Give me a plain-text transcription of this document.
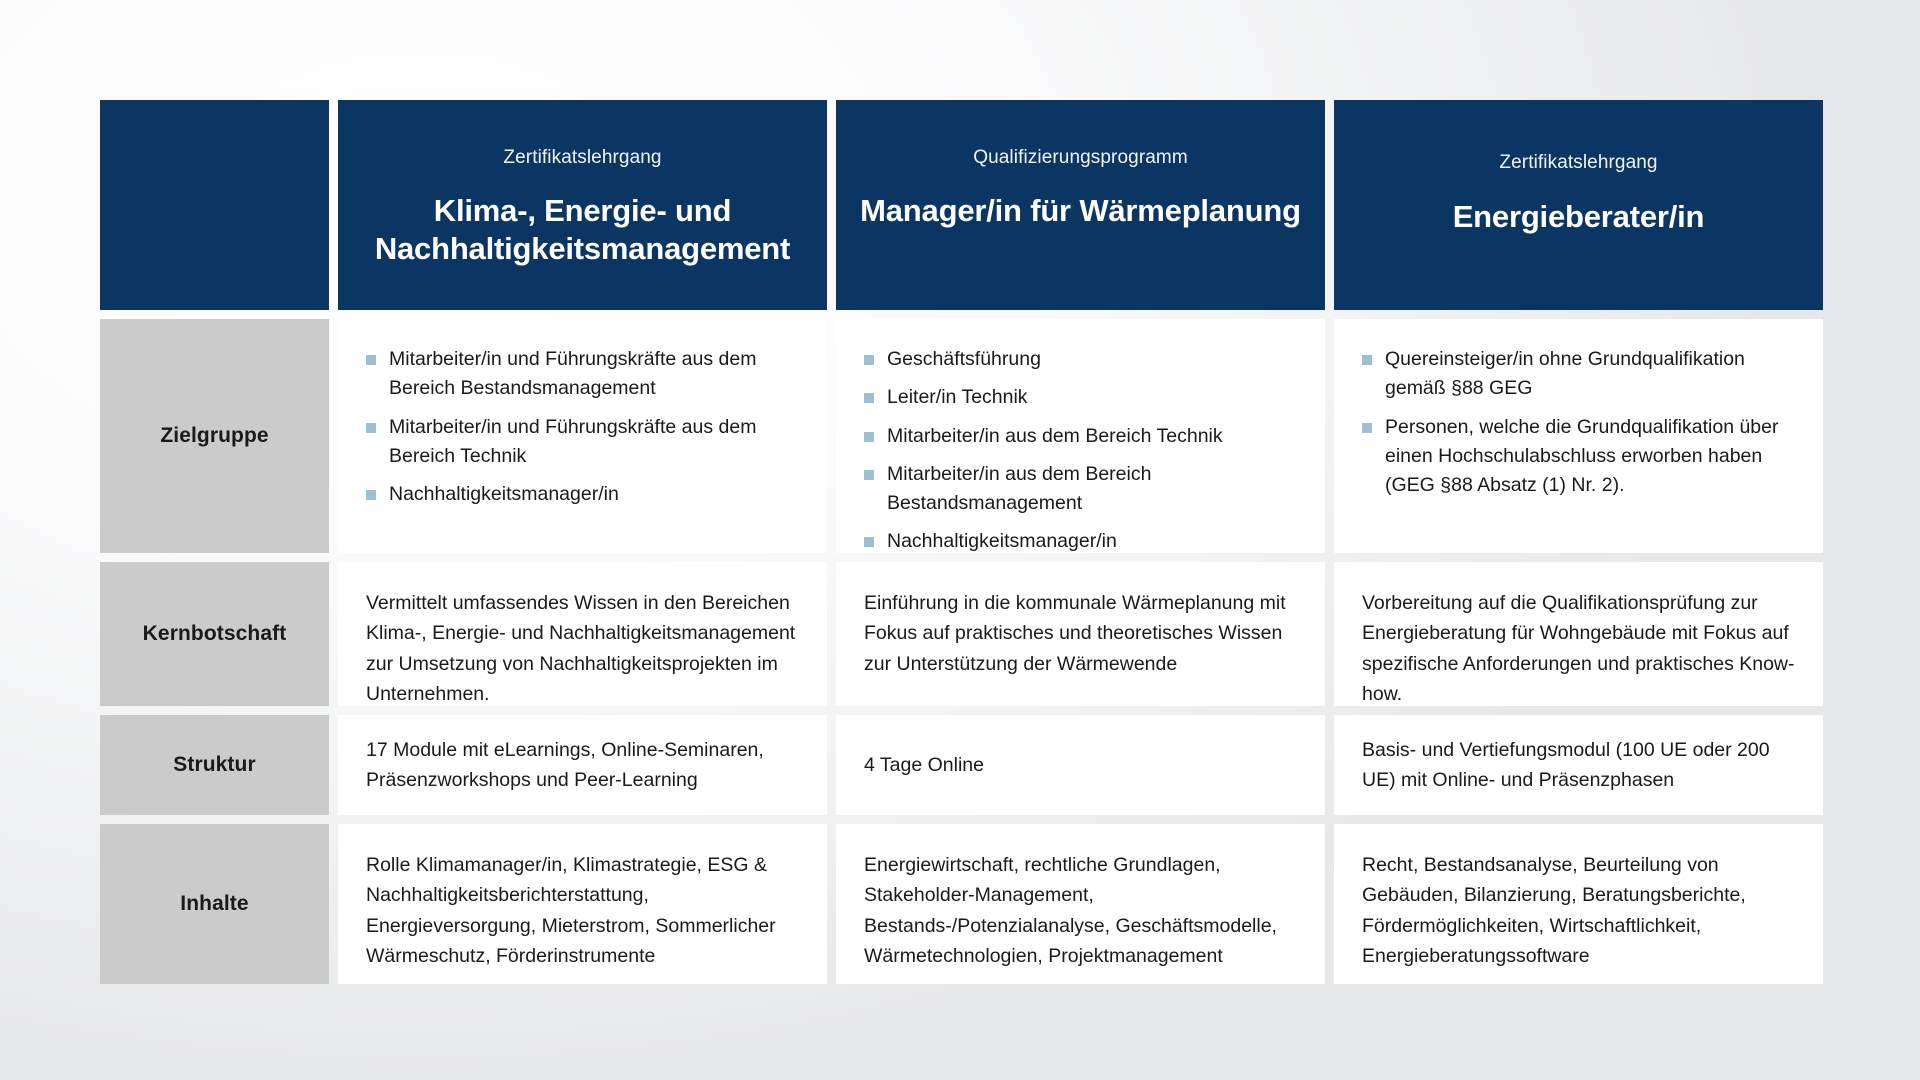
Zertifikatslehrgang
Klima-, Energie- und Nachhaltigkeitsmanagement
Qualifizierungsprogramm
Manager/in für Wärmeplanung
Zertifikatslehrgang
Energieberater/in
Zielgruppe
Mitarbeiter/in und Führungskräfte aus dem Bereich Bestandsmanagement
Mitarbeiter/in und Führungskräfte aus dem Bereich Technik
Nachhaltigkeitsmanager/in
Geschäftsführung
Leiter/in Technik
Mitarbeiter/in aus dem Bereich Technik
Mitarbeiter/in aus dem Bereich Bestandsmanagement
Nachhaltigkeitsmanager/in
Quereinsteiger/in ohne Grundqualifikation gemäß §88 GEG
Personen, welche die Grundqualifikation über einen Hochschulabschluss erworben haben (GEG §88 Absatz (1) Nr. 2).
Kernbotschaft

Vermittelt umfassendes Wissen in den Bereichen Klima-, Energie- und Nachhaltigkeitsmanagement zur Umsetzung von Nachhaltigkeitsprojekten im Unternehmen.

Einführung in die kommunale Wärmeplanung mit Fokus auf praktisches und theoretisches Wissen zur Unterstützung der Wärmewende

Vorbereitung auf die Qualifikationsprüfung zur Energieberatung für Wohngebäude mit Fokus auf spezifische Anforderungen und praktisches Know-how.

Struktur

17 Module mit eLearnings, Online-Seminaren, Präsenzworkshops und Peer-Learning

4 Tage Online

Basis- und Vertiefungsmodul (100 UE oder 200 UE) mit Online- und Präsenzphasen

Inhalte

Rolle Klimamanager/in, Klimastrategie, ESG & Nachhaltigkeitsberichterstattung, Energieversorgung, Mieterstrom, Sommerlicher Wärmeschutz, Förderinstrumente

Energiewirtschaft, rechtliche Grundlagen, Stakeholder-Management, Bestands-/Potenzialanalyse, Geschäftsmodelle, Wärmetechnologien, Projektmanagement

Recht, Bestandsanalyse, Beurteilung von Gebäuden, Bilanzierung, Beratungsberichte, Fördermöglichkeiten, Wirtschaftlichkeit, Energieberatungssoftware
